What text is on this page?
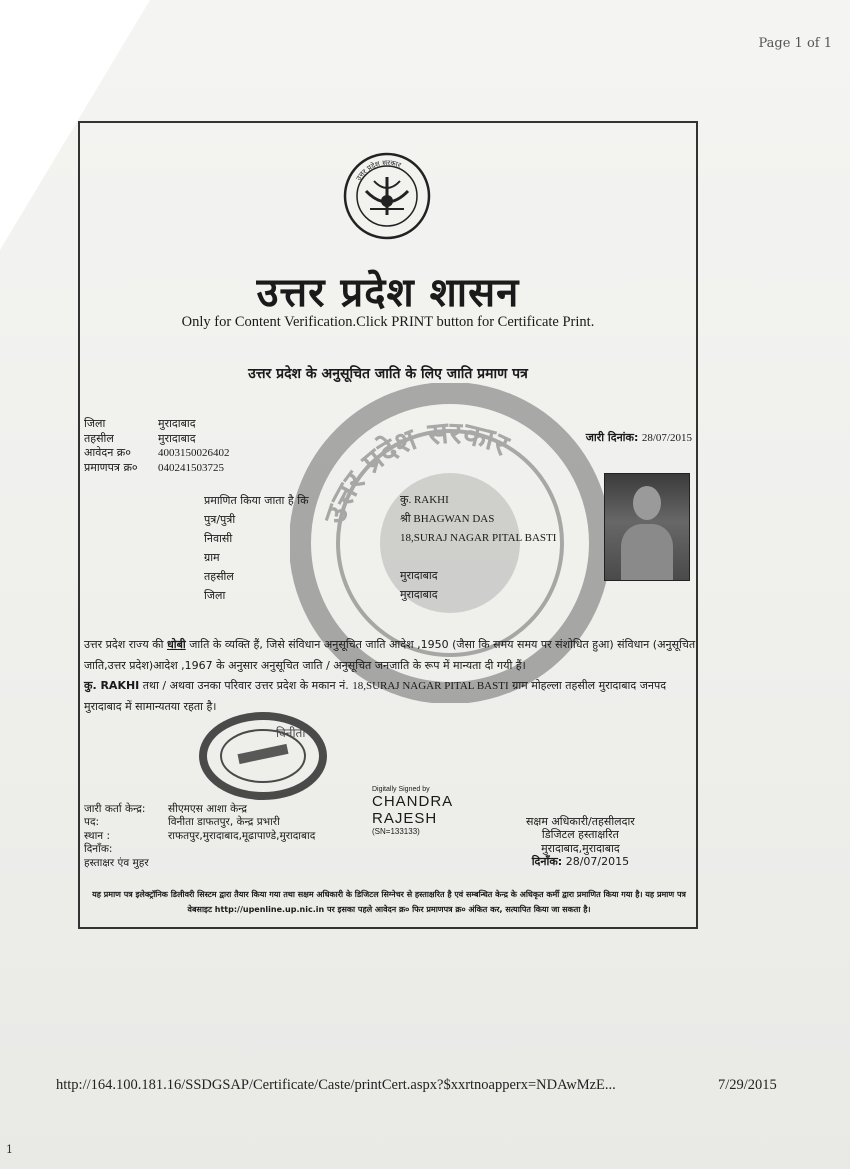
Page 1 of 1
उत्तर प्रदेश सरकार
उत्तर प्रदेश सरकार
उत्तर प्रदेश शासन
Only for Content Verification.Click PRINT button for Certificate Print.
उत्तर प्रदेश के अनुसूचित जाति के लिए जाति प्रमाण पत्र
जिला	मुरादाबाद
तहसील	मुरादाबाद
आवेदन क्र०	4003150026402
प्रमाणपत्र क्र०	040241503725
जारी दिनांक: 28/07/2015
प्रमाणित किया जाता है कि	कु. RAKHI
पुत्र/पुत्री	श्री BHAGWAN DAS
निवासी	18,SURAJ NAGAR PITAL BASTI
ग्राम
तहसील	मुरादाबाद
जिला	मुरादाबाद

उत्तर प्रदेश राज्य की धोबी जाति के व्यक्ति हैं, जिसे संविधान अनुसूचित जाति आदेश ,1950 (जैसा कि समय समय पर संशोधित हुआ) संविधान (अनुसूचित जाति,उत्तर प्रदेश)आदेश ,1967 के अनुसार अनुसूचित जाति / अनुसूचित जनजाति के रूप में मान्यता दी गयी हैं।

कु. RAKHI तथा / अथवा उनका परिवार उत्तर प्रदेश के मकान नं. 18,SURAJ NAGAR PITAL BASTI ग्राम मोहल्ला तहसील मुरादाबाद जनपद मुरादाबाद में सामान्यतया रहता है।

विनीता
Digitally Signed by
CHANDRA
RAJESH
(SN=133133)
जारी कर्ता केन्द्र:	सीएमएस आशा केन्द्र
पद:	विनीता डाफतपुर, केन्द्र प्रभारी
स्थान :	राफतपुर,मुरादाबाद,मूढापाण्डे,मुरादाबाद
दिनाँक:
हस्ताक्षर एंव मुहर
सक्षम अधिकारी/तहसीलदार
डिजिटल हस्ताक्षरित
मुरादाबाद,मुरादाबाद
दिनाँक: 28/07/2015
यह प्रमाण पत्र इलेक्ट्रॉनिक डिलीवरी सिस्टम द्वारा तैयार किया गया तथा सक्षम अधिकारी के डिजिटल सिग्नेचर से हस्ताक्षरित है एवं सम्बन्धित केन्द्र के अधिकृत कर्मी द्वारा प्रमाणित किया गया है। यह प्रमाण पत्र वेबसाइट http://upenline.up.nic.in पर इसका पहले आवेदन क्र० फिर प्रमाणपत्र क्र० अंकित कर, सत्यापित किया जा सकता है।
http://164.100.181.16/SSDGSAP/Certificate/Caste/printCert.aspx?$xxrtnoapperx=NDAwMzE...	7/29/2015
1
